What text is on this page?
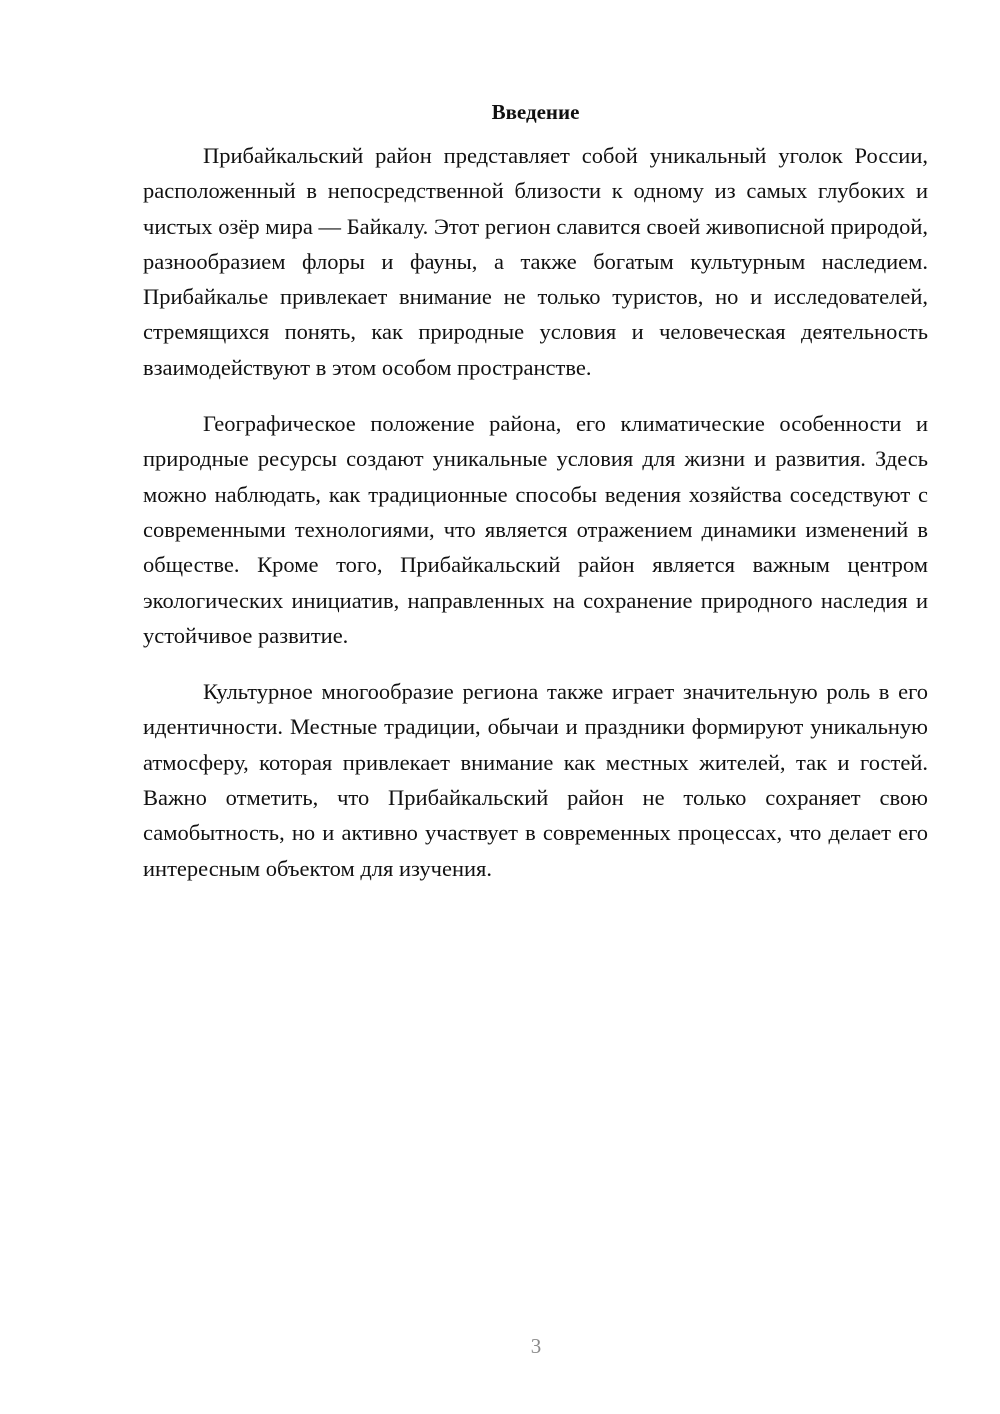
Введение

Прибайкальский район представляет собой уникальный уголок России, расположенный в непосредственной близости к одному из самых глубоких и чистых озёр мира — Байкалу. Этот регион славится своей живописной природой, разнообразием флоры и фауны, а также богатым культурным наследием. Прибайкалье привлекает внимание не только туристов, но и исследователей, стремящихся понять, как природные условия и человеческая деятельность взаимодействуют в этом особом пространстве.

Географическое положение района, его климатические особенности и природные ресурсы создают уникальные условия для жизни и развития. Здесь можно наблюдать, как традиционные способы ведения хозяйства соседствуют с современными технологиями, что является отражением динамики изменений в обществе. Кроме того, Прибайкальский район является важным центром экологических инициатив, направленных на сохранение природного наследия и устойчивое развитие.

Культурное многообразие региона также играет значительную роль в его идентичности. Местные традиции, обычаи и праздники формируют уникальную атмосферу, которая привлекает внимание как местных жителей, так и гостей. Важно отметить, что Прибайкальский район не только сохраняет свою самобытность, но и активно участвует в современных процессах, что делает его интересным объектом для изучения.

3
